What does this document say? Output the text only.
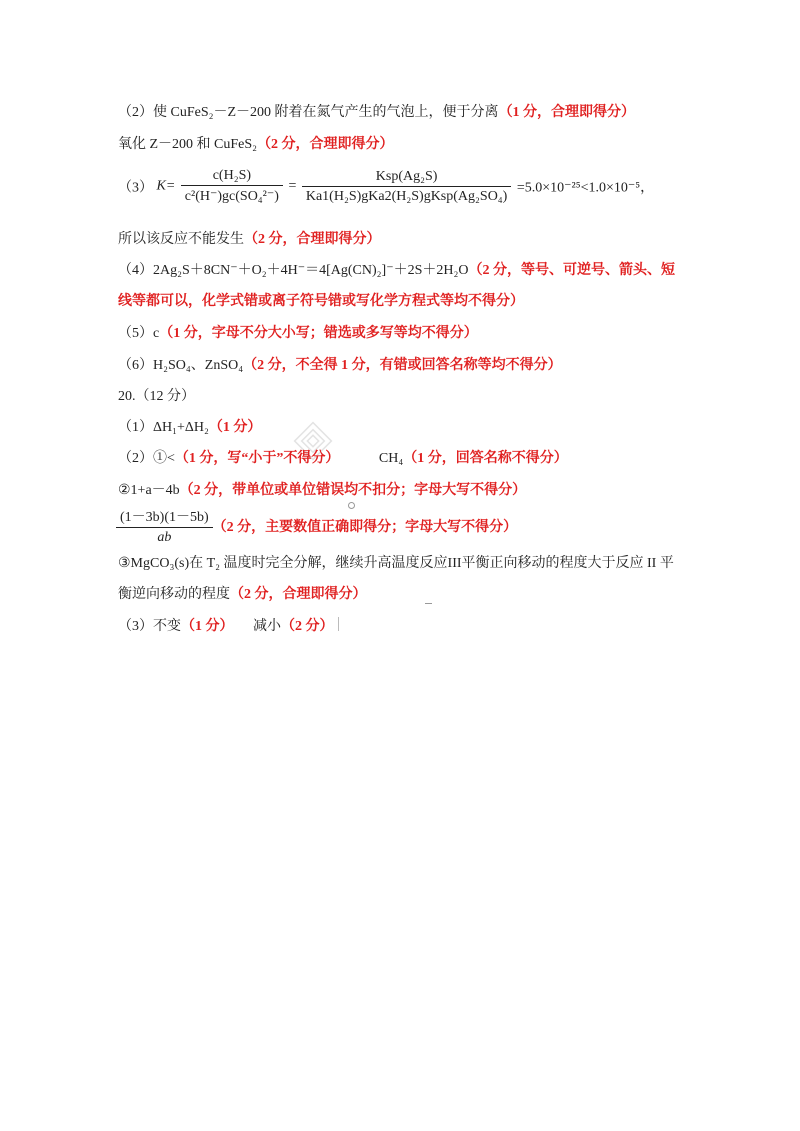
（2）使 CuFeS₂－Z－200 附着在氮气产生的气泡上，便于分离（1 分，合理即得分）
氧化 Z－200 和 CuFeS₂（2 分，合理即得分）
（3） $K= \frac{\text{c(H₂S)}}{\text{c²(H⁻)gc(SO₄²⁻)}} = \frac{\text{Ksp(Ag₂S)}}{\text{Ka1(H₂S)gKa2(H₂S)gKsp(Ag₂SO₄)}} =5.0\times 10^{-25}<1.0\times 10^{-5}$，
所以该反应不能发生（2 分，合理即得分）
（4）2Ag₂S＋8CN⁻＋O₂＋4H⁻＝4[Ag(CN)₂]⁻＋2S＋2H₂O（2 分，等号、可逆号、箭头、短
线等都可以，化学式错或离子符号错或写化学方程式等均不得分）
（5）c（1 分，字母不分大小写；错选或多写等均不得分）
（6）H₂SO₄、ZnSO₄（2 分，不全得 1 分，有错或回答名称等均不得分）
20.（12 分）
（1）ΔH₁+ΔH₂（1 分）
（2）①<（1 分，写“小于”不得分）	CH₄（1 分，回答名称不得分）
②1+a－4b（2 分，带单位或单位错误均不扣分；字母大写不得分）
$\frac{(1-3b)(1-5b)}{ab} (2$ 分，主要数值正确即得分；字母大写不得分）
③MgCO₃(s)在 T₂ 温度时完全分解，继续升高温度反应III平衡正向移动的程度大于反应 II 平
衡逆向移动的程度（2 分，合理即得分）
（3）不变（1 分） 减小（2 分）
